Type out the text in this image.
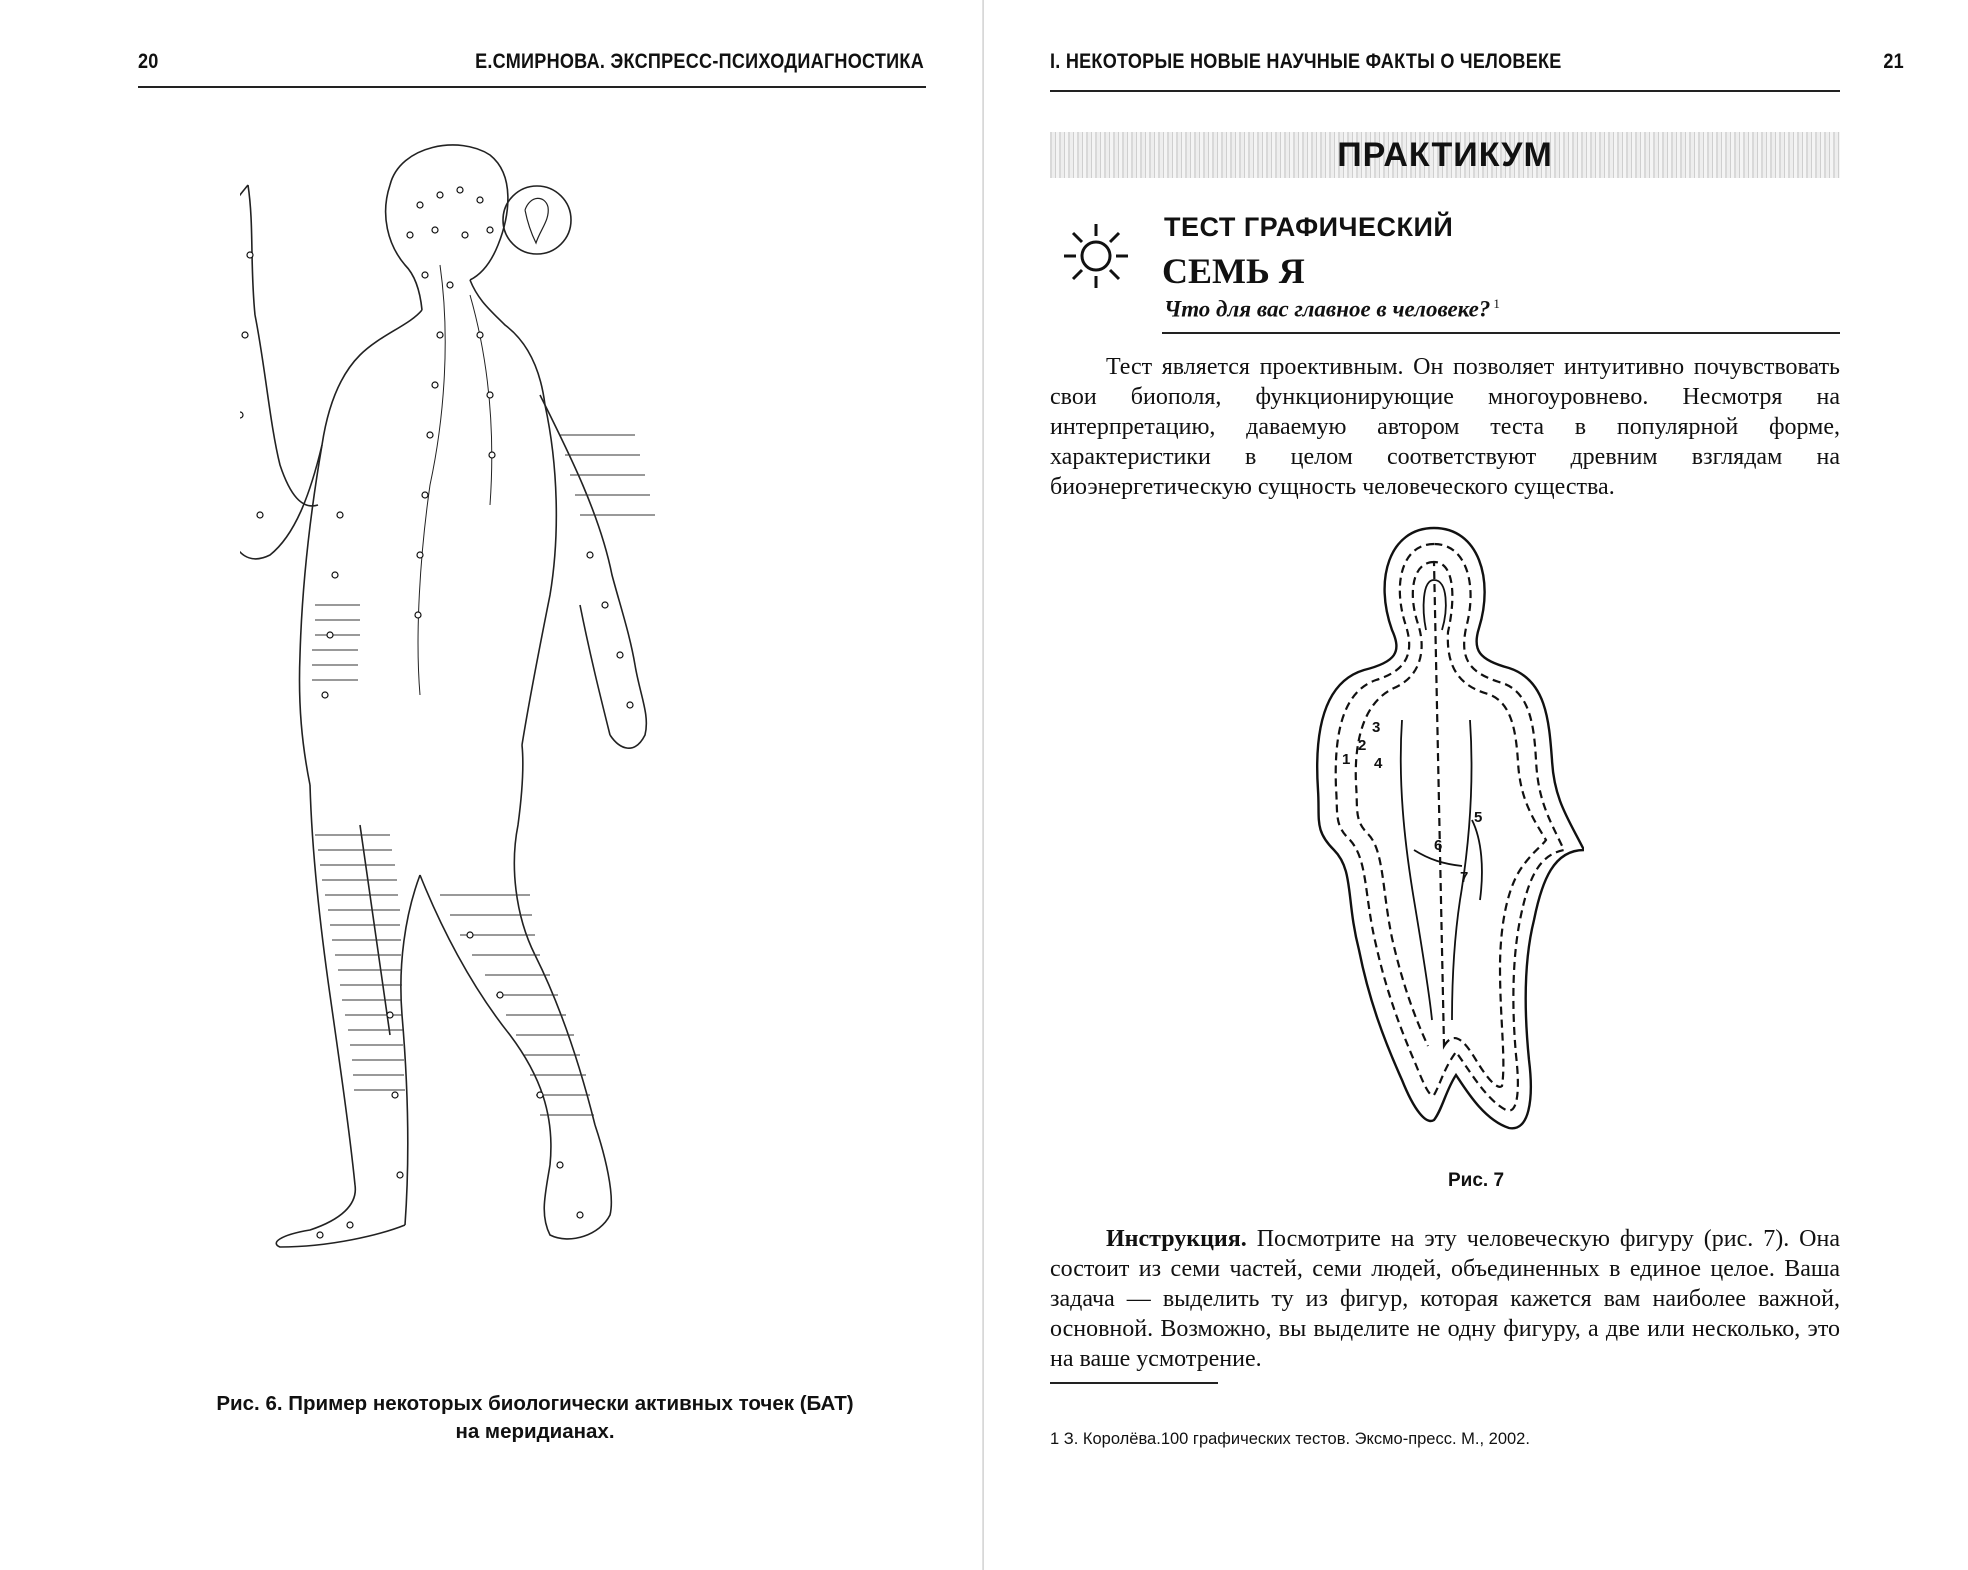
20	Е.СМИРНОВА. ЭКСПРЕСС-ПСИХОДИАГНОСТИКА
Рис. 6. Пример некоторых биологически активных точек (БАТ)
на меридианах.
I. НЕКОТОРЫЕ НОВЫЕ НАУЧНЫЕ ФАКТЫ О ЧЕЛОВЕКЕ	21
ПРАКТИКУМ
ТЕСТ ГРАФИЧЕСКИЙ
СЕМЬ Я
Что для вас главное в человеке? $^1$
Тест является проективным. Он позволяет интуитивно почувствовать свои биополя, функционирующие многоуровнево. Несмотря на интерпретацию, даваемую автором теста в популярной форме, характеристики в целом соответствуют древним взглядам на биоэнергетическую сущность человеческого существа.
1
2
3
4
5
6
7
Рис. 7
Инструкция. Посмотрите на эту человеческую фигуру (рис. 7). Она состоит из семи частей, семи людей, объединенных в единое целое. Ваша задача — выделить ту из фигур, которая кажется вам наиболее важной, основной. Возможно, вы выделите не одну фигуру, а две или несколько, это на ваше усмотрение.
1 З. Королёва.100 графических тестов. Эксмо-пресс. М., 2002.
